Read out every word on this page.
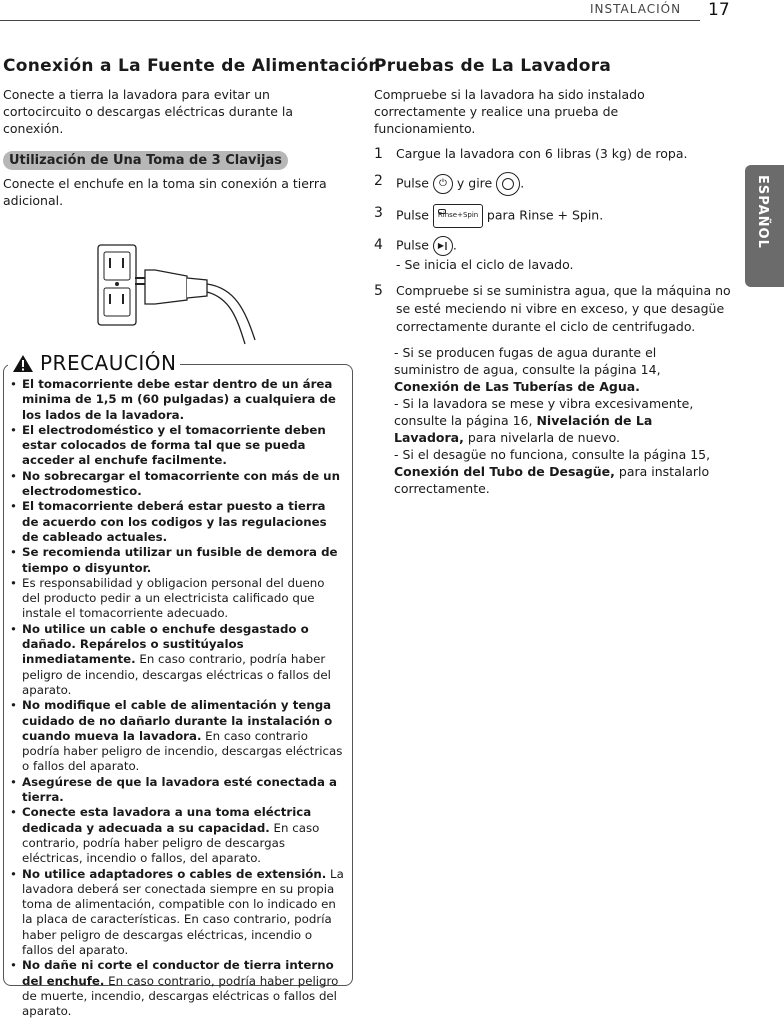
INSTALACIÓN 17
ESPAÑOL
Conexión a La Fuente de Alimentación
Conecte a tierra la lavadora para evitar un cortocircuito o descargas eléctricas durante la conexión.
Utilización de Una Toma de 3 Clavijas
Conecte el enchufe en la toma sin conexión a tierra adicional.
PRECAUCIÓN
• El tomacorriente debe estar dentro de un área minima de 1,5 m (60 pulgadas) a cualquiera de los lados de la lavadora.
• El electrodoméstico y el tomacorriente deben estar colocados de forma tal que se pueda acceder al enchufe facilmente.
• No sobrecargar el tomacorriente con más de un electrodomestico.
• El tomacorriente deberá estar puesto a tierra de acuerdo con los codigos y las regulaciones de cableado actuales.
• Se recomienda utilizar un fusible de demora de tiempo o disyuntor.
• Es responsabilidad y obligacion personal del dueno del producto pedir a un electricista calificado que instale el tomacorriente adecuado.
• No utilice un cable o enchufe desgastado o dañado. Repárelos o sustitúyalos inmediatamente. En caso contrario, podría haber peligro de incendio, descargas eléctricas o fallos del aparato.
• No modifique el cable de alimentación y tenga cuidado de no dañarlo durante la instalación o cuando mueva la lavadora. En caso contrario podría haber peligro de incendio, descargas eléctricas o fallos del aparato.
• Asegúrese de que la lavadora esté conectada a tierra.
• Conecte esta lavadora a una toma eléctrica dedicada y adecuada a su capacidad. En caso contrario, podría haber peligro de descargas eléctricas, incendio o fallos, del aparato.
• No utilice adaptadores o cables de extensión. La lavadora deberá ser conectada siempre en su propia toma de alimentación, compatible con lo indicado en la placa de características. En caso contrario, podría haber peligro de descargas eléctricas, incendio o fallos del aparato.
• No dañe ni corte el conductor de tierra interno del enchufe. En caso contrario, podría haber peligro de muerte, incendio, descargas eléctricas o fallos del aparato.
Pruebas de La Lavadora
Compruebe si la lavadora ha sido instalado correctamente y realice una prueba de funcionamiento.
1 Cargue la lavadora con 6 libras (3 kg) de ropa.
2 Pulse ⏻ y gire .
3 Pulse Rinse+Spin para Rinse + Spin.
4 Pulse ▶‖ .
- Se inicia el ciclo de lavado.
5 Compruebe si se suministra agua, que la máquina no se esté meciendo ni vibre en exceso, y que desagüe correctamente durante el ciclo de centrifugado.
- Si se producen fugas de agua durante el suministro de agua, consulte la página 14, Conexión de Las Tuberías de Agua.
- Si la lavadora se mese y vibra excesivamente, consulte la página 16, Nivelación de La Lavadora, para nivelarla de nuevo.
- Si el desagüe no funciona, consulte la página 15, Conexión del Tubo de Desagüe, para instalarlo correctamente.
